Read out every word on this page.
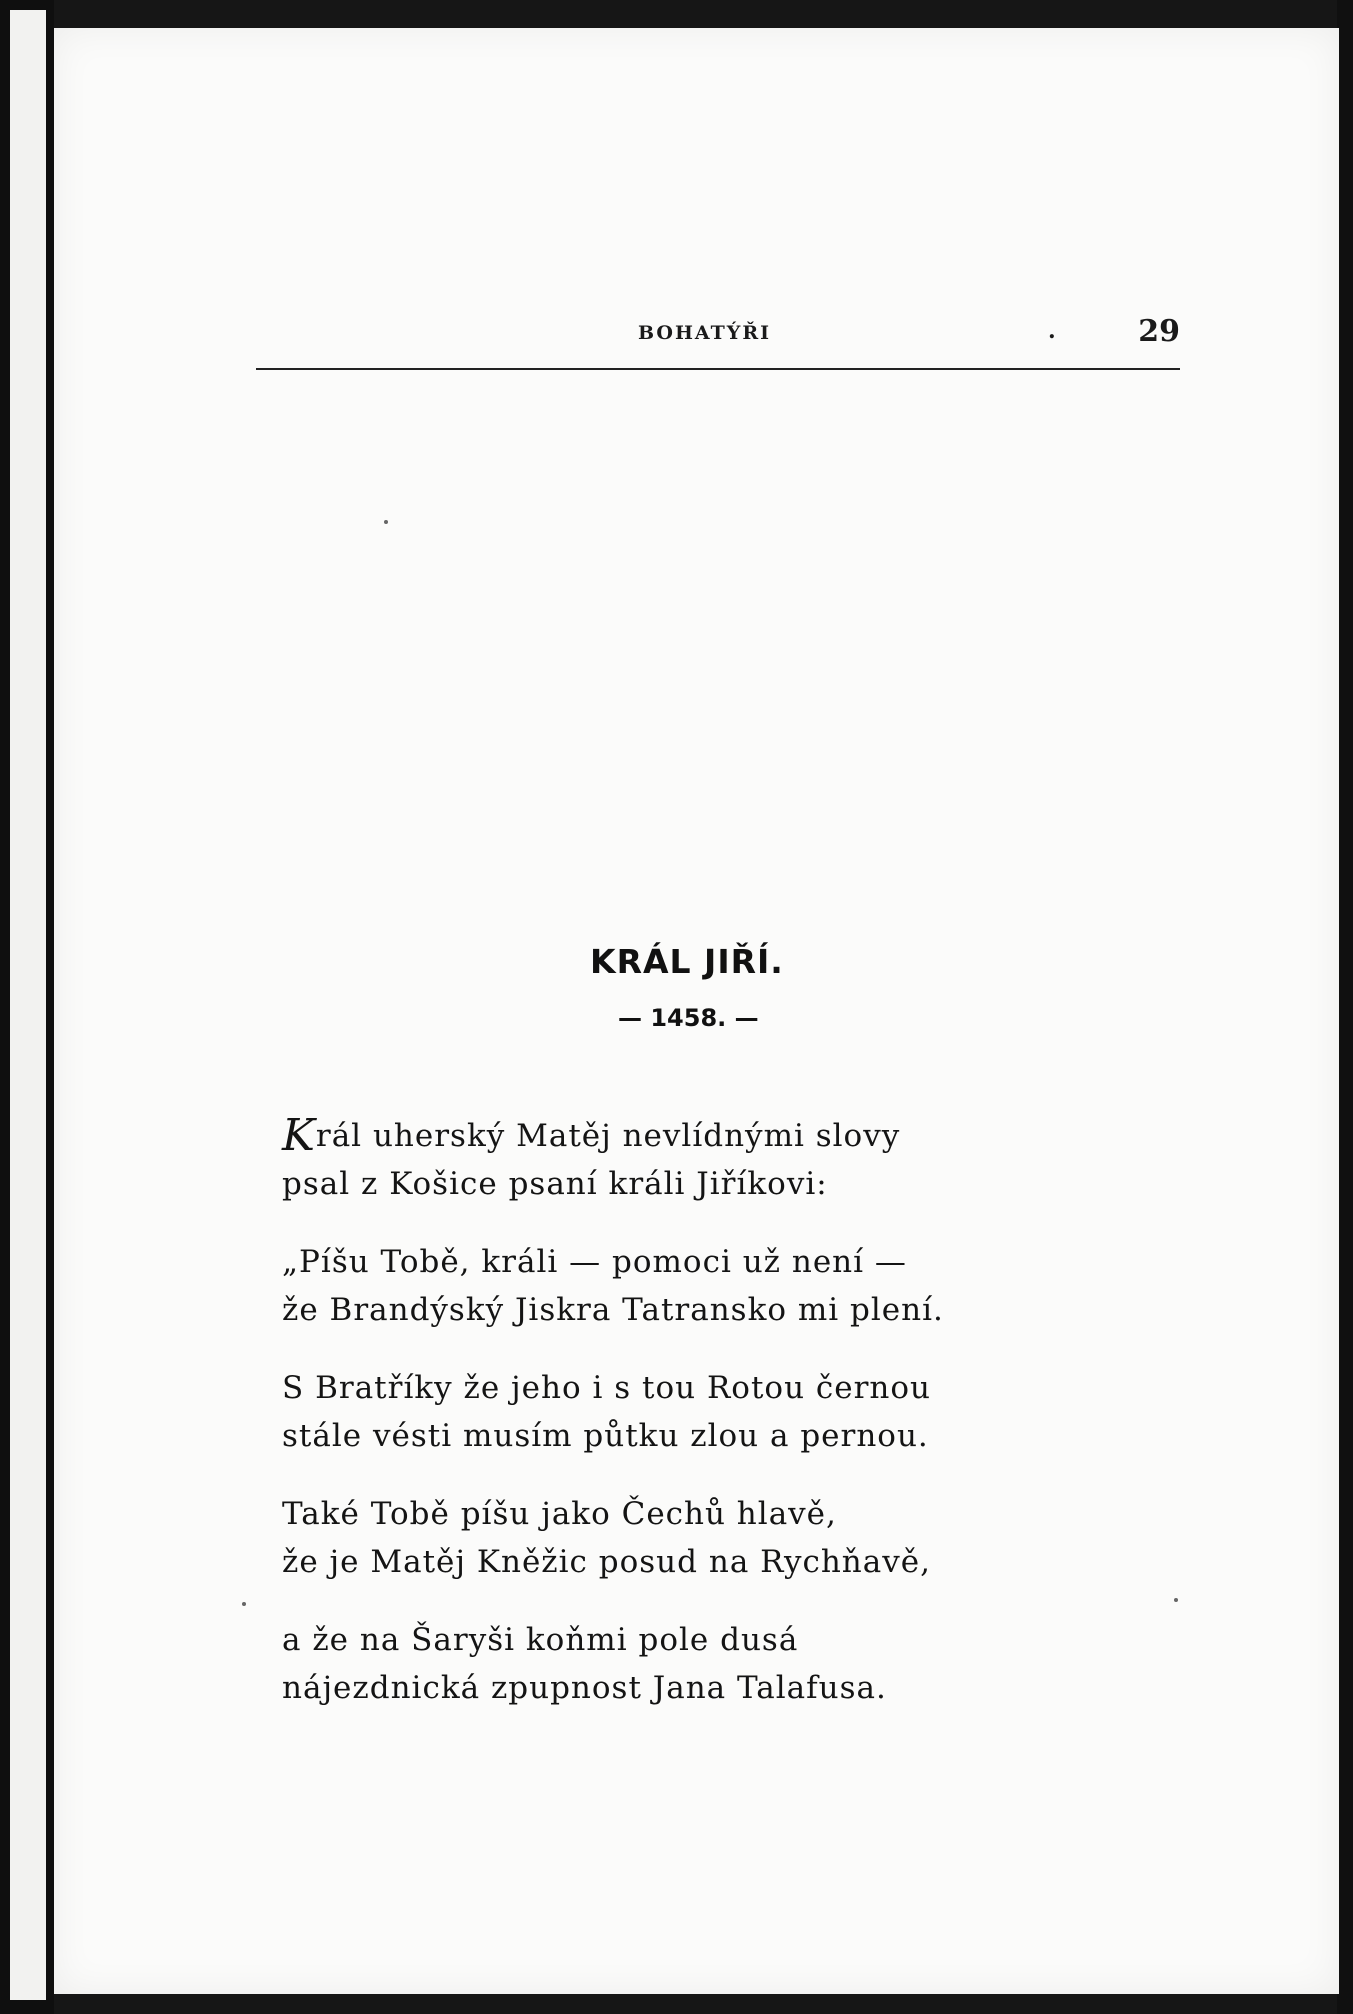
BOHATÝŘI	.	29
KRÁL JIŘÍ.
— 1458. —
Král uherský Matěj nevlídnými slovy
psal z Košice psaní králi Jiříkovi:
„Píšu Tobě, králi — pomoci už není —
že Brandýský Jiskra Tatransko mi plení.
S Bratříky že jeho i s tou Rotou černou
stále vésti musím půtku zlou a pernou.
Také Tobě píšu jako Čechů hlavě,
že je Matěj Kněžic posud na Rychňavě,
a že na Šaryši koňmi pole dusá
nájezdnická zpupnost Jana Talafusa.
